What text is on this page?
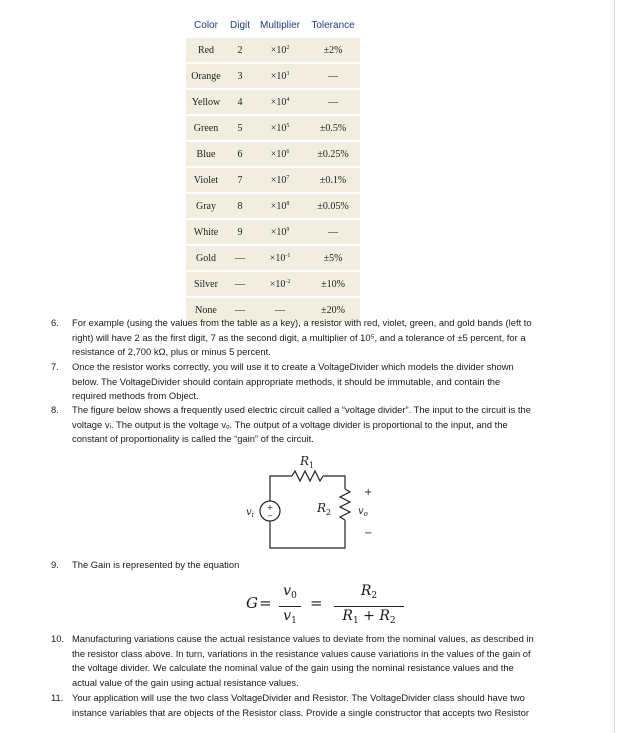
Color	Digit	Multiplier	Tolerance
Red	2	$\times 10^2$	±2%
Orange	3	$\times 10^3$	—
Yellow	4	$\times 10^4$	—
Green	5	$\times 10^5$	±0.5%
Blue	6	$\times 10^6$	±0.25%
Violet	7	$\times 10^7$	±0.1%
Gray	8	$\times 10^8$	±0.05%
White	9	$\times 10^9$	—
Gold	—	$\times 10^{-1}$	±5%
Silver	—	$\times 10^{-2}$	±10%
None	—	—	±20%
6.	For example (using the values from the table as a key), a resistor with red, violet, green, and gold bands (left to
right) will have 2 as the first digit, 7 as the second digit, a multiplier of 10⁵, and a tolerance of ±5 percent, for a
resistance of 2,700 kΩ, plus or minus 5 percent.
7.	Once the resistor works correctly, you will use it to create a VoltageDivider which models the divider shown
below. The VoltageDivider should contain appropriate methods, it should be immutable, and contain the
required methods from Object.
8.	The figure below shows a frequently used electric circuit called a “voltage divider”. The input to the circuit is the
voltage vᵢ. The output is the voltage vₒ. The output of a voltage divider is proportional to the input, and the
constant of proportionality is called the “gain” of the circuit.
+
−
$R_1$
$R_2$
$v_i$	$v_o$
+
−
9.	The Gain is represented by the equation
G =
$v_0$
$v_1$
=
$R_2$
$R_1 + R_2$
10. Manufacturing variations cause the actual resistance values to deviate from the nominal values, as described in
the resistor class above. In turn, variations in the resistance values cause variations in the values of the gain of
the voltage divider. We calculate the nominal value of the gain using the nominal resistance values and the
actual value of the gain using actual resistance values.
11. Your application will use the two class VoltageDivider and Resistor. The VoltageDivider class should have two
instance variables that are objects of the Resistor class. Provide a single constructor that accepts two Resistor
